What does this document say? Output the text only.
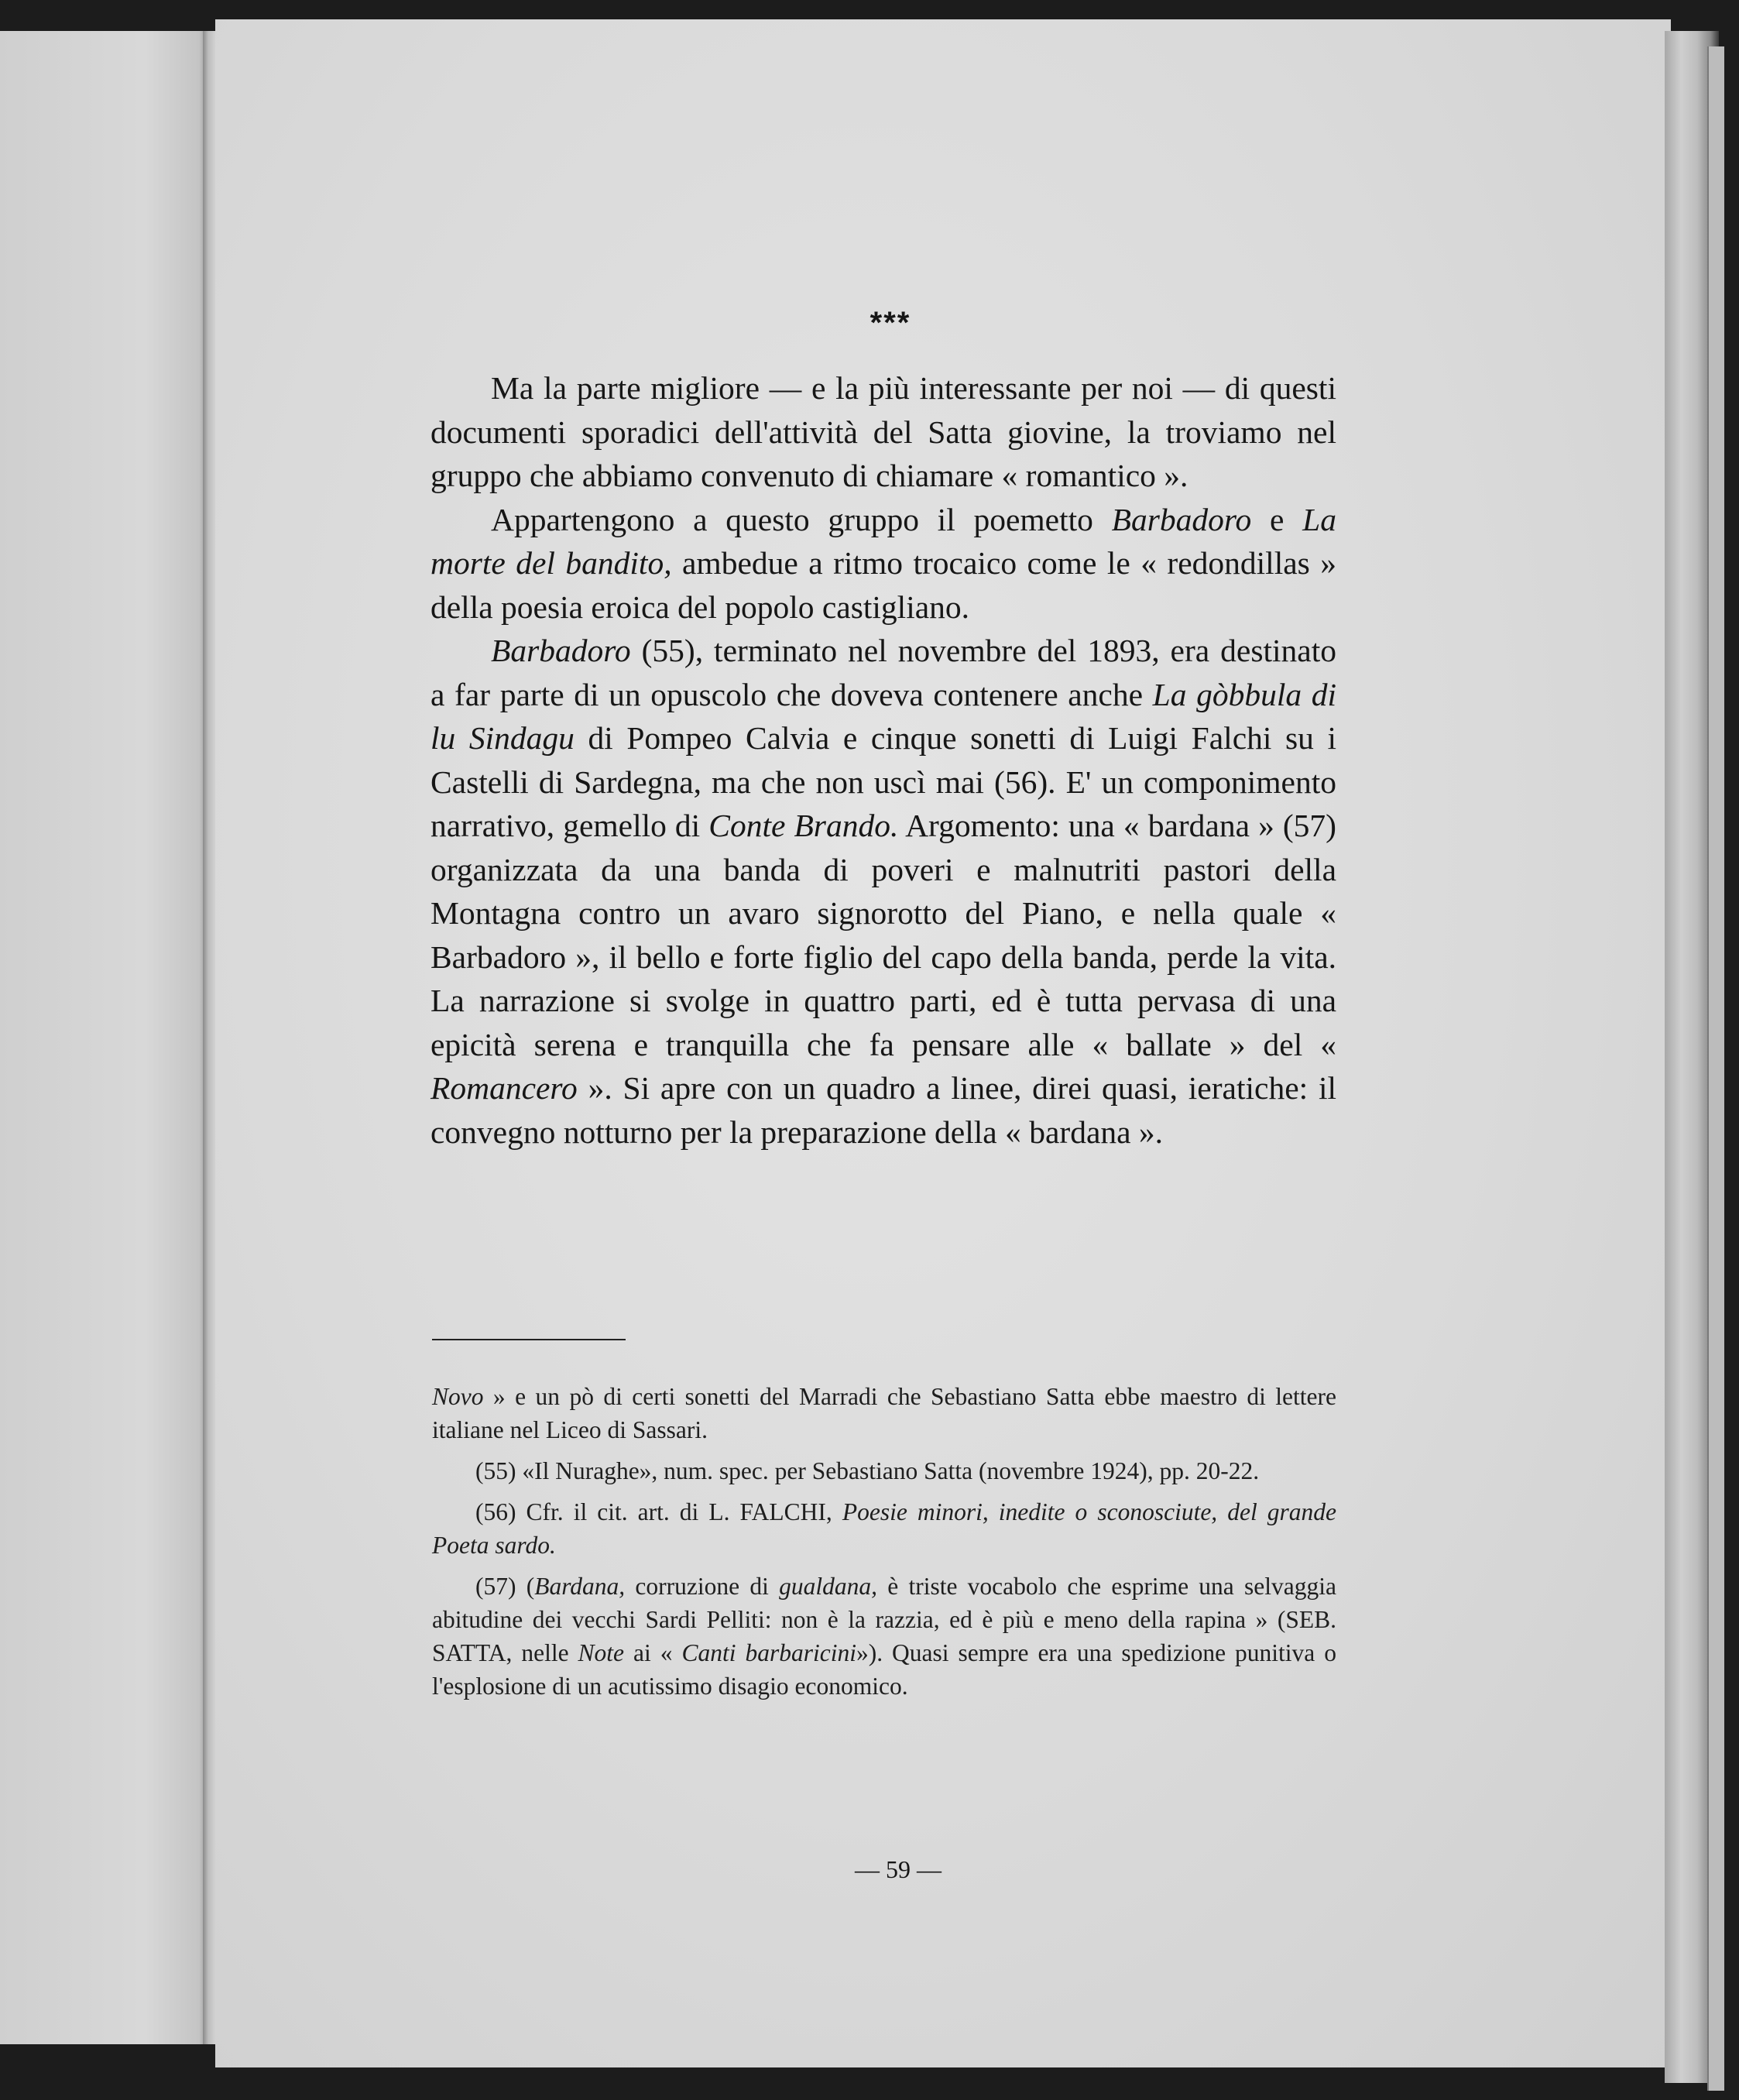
***

Ma la parte migliore — e la più interessante per noi — di questi documenti sporadici dell'attività del Satta giovine, la troviamo nel gruppo che abbiamo convenuto di chiamare « romantico ».

Appartengono a questo gruppo il poemetto Barbadoro e La morte del bandito, ambedue a ritmo trocaico come le « redondillas » della poesia eroica del popolo castigliano.

Barbadoro (55), terminato nel novembre del 1893, era destinato a far parte di un opuscolo che doveva contenere anche La gòbbula di lu Sindagu di Pompeo Calvia e cinque sonetti di Luigi Falchi su i Castelli di Sardegna, ma che non uscì mai (56). E' un componimento narrativo, gemello di Conte Brando. Argomento: una « bardana » (57) organizzata da una banda di poveri e malnutriti pastori della Montagna contro un avaro signorotto del Piano, e nella quale « Barbadoro », il bello e forte figlio del capo della banda, perde la vita. La narrazione si svolge in quattro parti, ed è tutta pervasa di una epicità serena e tranquilla che fa pensare alle « ballate » del « Romancero ». Si apre con un quadro a linee, direi quasi, ieratiche: il convegno notturno per la preparazione della « bardana ».

Novo » e un pò di certi sonetti del Marradi che Sebastiano Satta ebbe maestro di lettere italiane nel Liceo di Sassari.

(55) «Il Nuraghe», num. spec. per Sebastiano Satta (novembre 1924), pp. 20-22.

(56) Cfr. il cit. art. di L. FALCHI, Poesie minori, inedite o sconosciute, del grande Poeta sardo.

(57) (Bardana, corruzione di gualdana, è triste vocabolo che esprime una selvaggia abitudine dei vecchi Sardi Pelliti: non è la razzia, ed è più e meno della rapina » (SEB. SATTA, nelle Note ai « Canti barbaricini»). Quasi sempre era una spedizione punitiva o l'esplosione di un acutissimo disagio economico.

— 59 —
